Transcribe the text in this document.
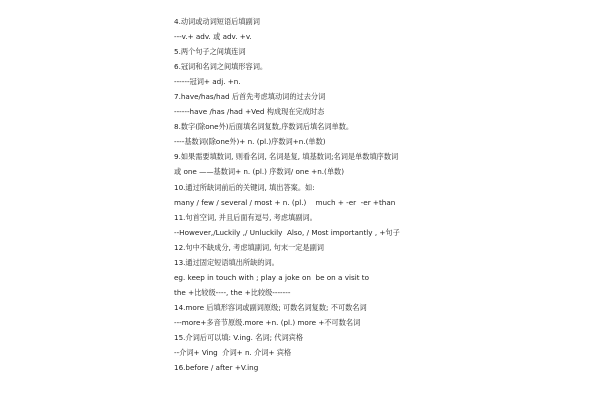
4.动词或动词短语后填副词
---v.+ adv. 或 adv. +v.
5.两个句子之间填连词
6.冠词和名词之间填形容词。
------冠词+ adj. +n.
7.have/has/had 后首先考虑填动词的过去分词
------have /has /had +Ved 构成现在完成时态
8.数字(除one外)后面填名词复数,序数词后填名词单数。
----基数词(除one外)+ n. (pl.)序数词+n.(单数)
9.如果需要填数词, 则看名词, 名词是复, 填基数词;名词是单数填序数词
或 one ——基数词+ n. (pl.) 序数词/ one +n.(单数)
10.通过所缺词前后的关键词, 填出答案。如:
many / few / several / most + n. (pl.)    much + -er  -er +than
11.句首空词, 并且后面有逗号, 考虑填副词。
--However,/Luckily ,/ Unluckily  Also, / Most importantly , +句子
12.句中不缺成分, 考虑填副词, 句末一定是副词
13.通过固定短语填出所缺的词。
eg. keep in touch with ; play a joke on  be on a visit to
the +比较级----, the +比较级-------
14.more 后填形容词或副词原级; 可数名词复数; 不可数名词
---more+多音节原级.more +n. (pl.) more +不可数名词
15.介词后可以填: V.ing. 名词; 代词宾格
--介词+ Ving  介词+ n. 介词+ 宾格
16.before / after +V.ing
